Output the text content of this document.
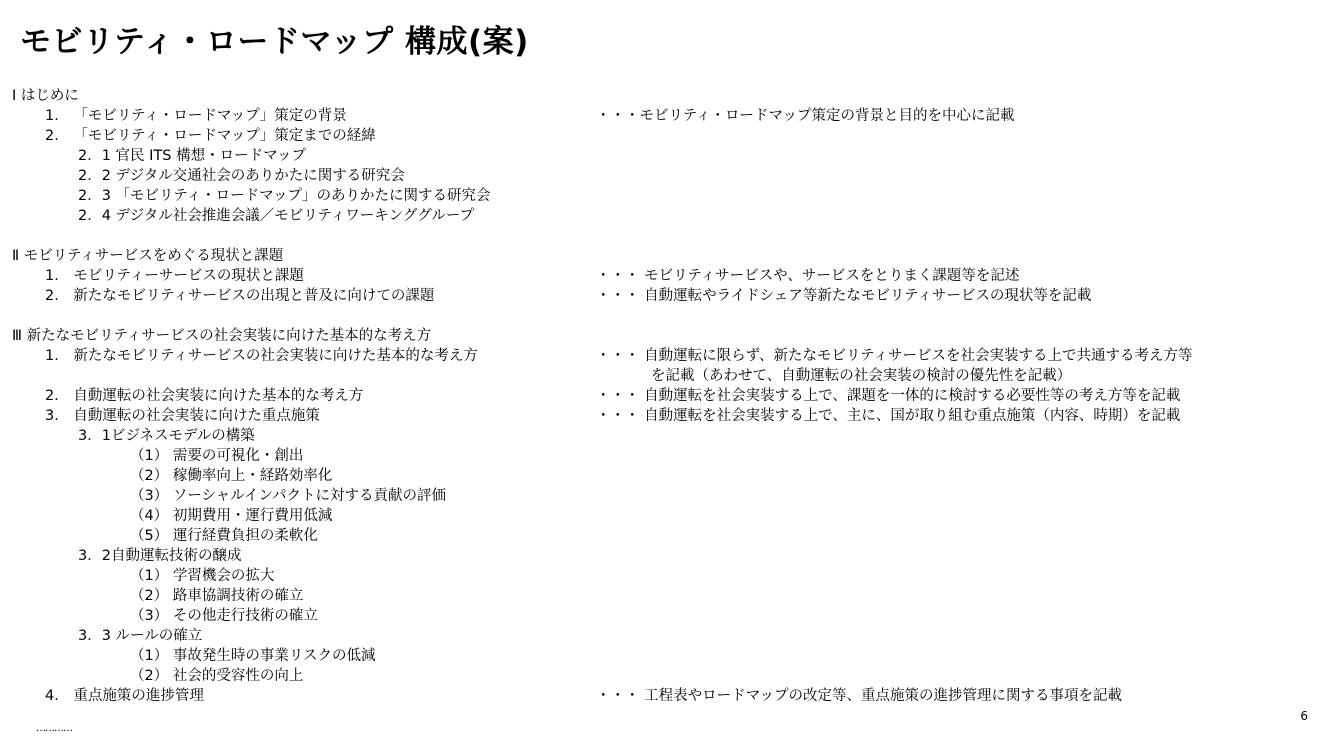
モビリティ・ロードマップ 構成(案)
Ⅰ はじめに
1． 「モビリティ・ロードマップ」策定の背景
2． 「モビリティ・ロードマップ」策定までの経緯
2．1 官民 ITS 構想・ロードマップ
2．2 デジタル交通社会のありかたに関する研究会
2．3 「モビリティ・ロードマップ」のありかたに関する研究会
2．4 デジタル社会推進会議／モビリティワーキンググループ
Ⅱ モビリティサービスをめぐる現状と課題
1． モビリティーサービスの現状と課題
2． 新たなモビリティサービスの出現と普及に向けての課題
Ⅲ 新たなモビリティサービスの社会実装に向けた基本的な考え方
1． 新たなモビリティサービスの社会実装に向けた基本的な考え方
2． 自動運転の社会実装に向けた基本的な考え方
3． 自動運転の社会実装に向けた重点施策
3．1ビジネスモデルの構築
（1） 需要の可視化・創出
（2） 稼働率向上・経路効率化
（3） ソーシャルインパクトに対する貢献の評価
（4） 初期費用・運行費用低減
（5） 運行経費負担の柔軟化
3．2自動運転技術の醸成
（1） 学習機会の拡大
（2） 路車協調技術の確立
（3） その他走行技術の確立
3．3 ルールの確立
（1） 事故発生時の事業リスクの低減
（2） 社会的受容性の向上
4． 重点施策の進捗管理
・・・モビリティ・ロードマップ策定の背景と目的を中心に記載
・・・ モビリティサービスや、サービスをとりまく課題等を記述
・・・ 自動運転やライドシェア等新たなモビリティサービスの現状等を記載
・・・ 自動運転に限らず、新たなモビリティサービスを社会実装する上で共通する考え方等
を記載（あわせて、自動運転の社会実装の検討の優先性を記載）
・・・ 自動運転を社会実装する上で、課題を一体的に検討する必要性等の考え方等を記載
・・・ 自動運転を社会実装する上で、主に、国が取り組む重点施策（内容、時期）を記載
・・・ 工程表やロードマップの改定等、重点施策の進捗管理に関する事項を記載
…………
6
